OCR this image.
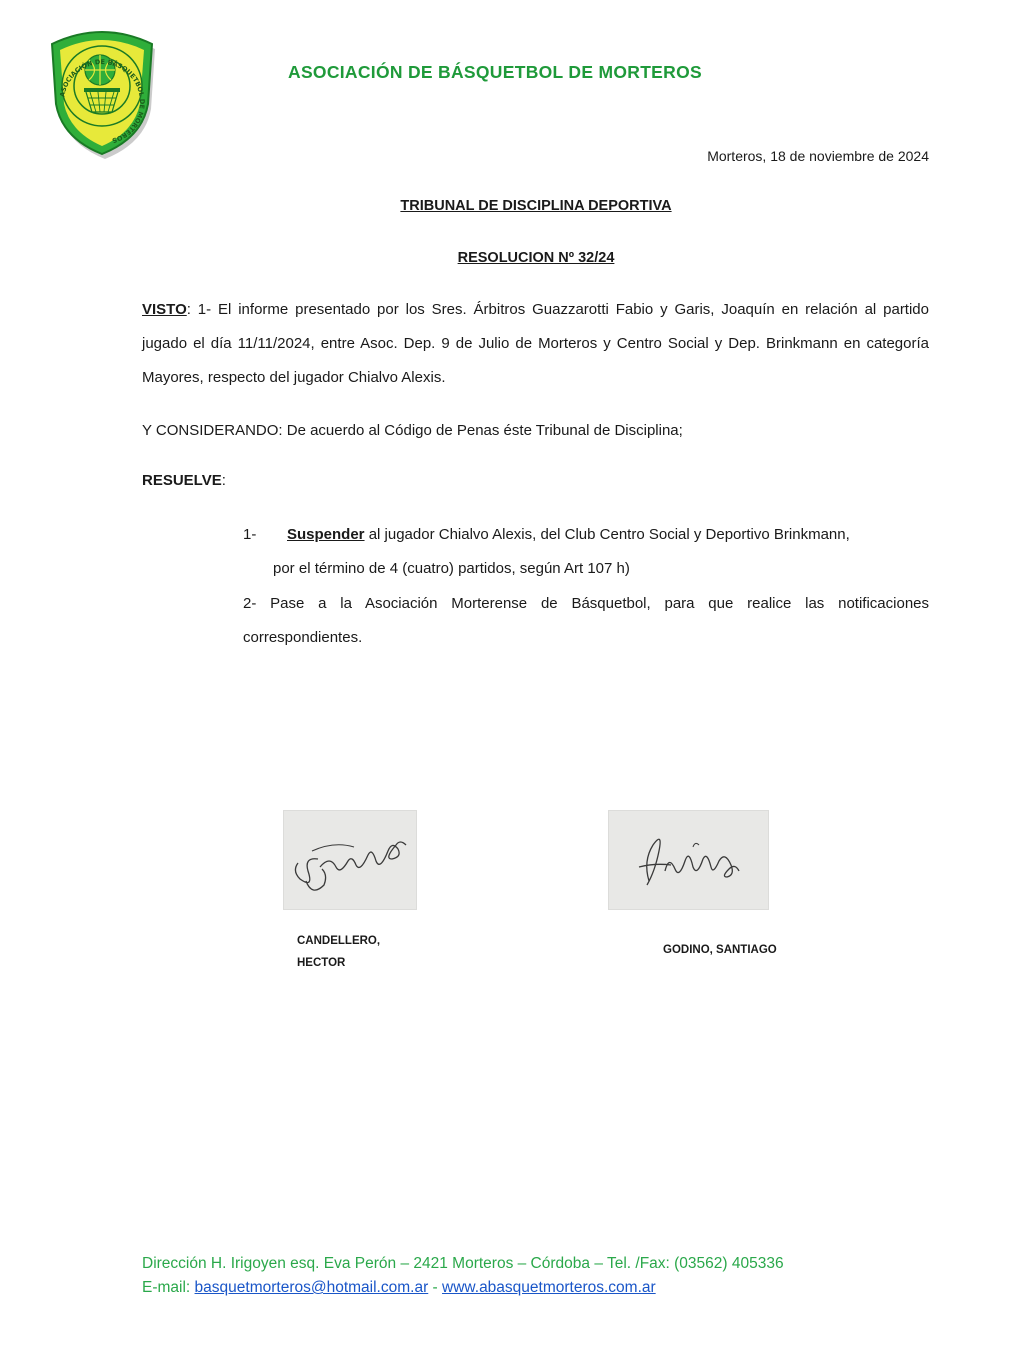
ASOCIACIÓN DE BÁSQUETBOL DE MORTEROS
ASOCIACIÓN DE BÁSQUETBOL DE MORTEROS
Morteros, 18 de noviembre de 2024
TRIBUNAL DE DISCIPLINA DEPORTIVA
RESOLUCION Nº 32/24
VISTO: 1- El informe presentado por los Sres. Árbitros Guazzarotti Fabio y Garis, Joaquín en relación al partido jugado el día 11/11/2024, entre Asoc. Dep. 9 de Julio de Morteros y Centro Social y Dep. Brinkmann en categoría Mayores, respecto del jugador Chialvo Alexis.
Y CONSIDERANDO: De acuerdo al Código de Penas éste Tribunal de Disciplina;
RESUELVE:
1- Suspender al jugador Chialvo Alexis, del Club Centro Social y Deportivo Brinkmann,
por el término de 4 (cuatro) partidos, según Art 107 h)
2- Pase a la Asociación Morterense de Básquetbol, para que realice las notificaciones correspondientes.
CANDELLERO,
HECTOR
GODINO, SANTIAGO
Dirección H. Irigoyen esq. Eva Perón – 2421 Morteros – Córdoba – Tel. /Fax: (03562) 405336
E-mail: basquetmorteros@hotmail.com.ar - www.abasquetmorteros.com.ar
